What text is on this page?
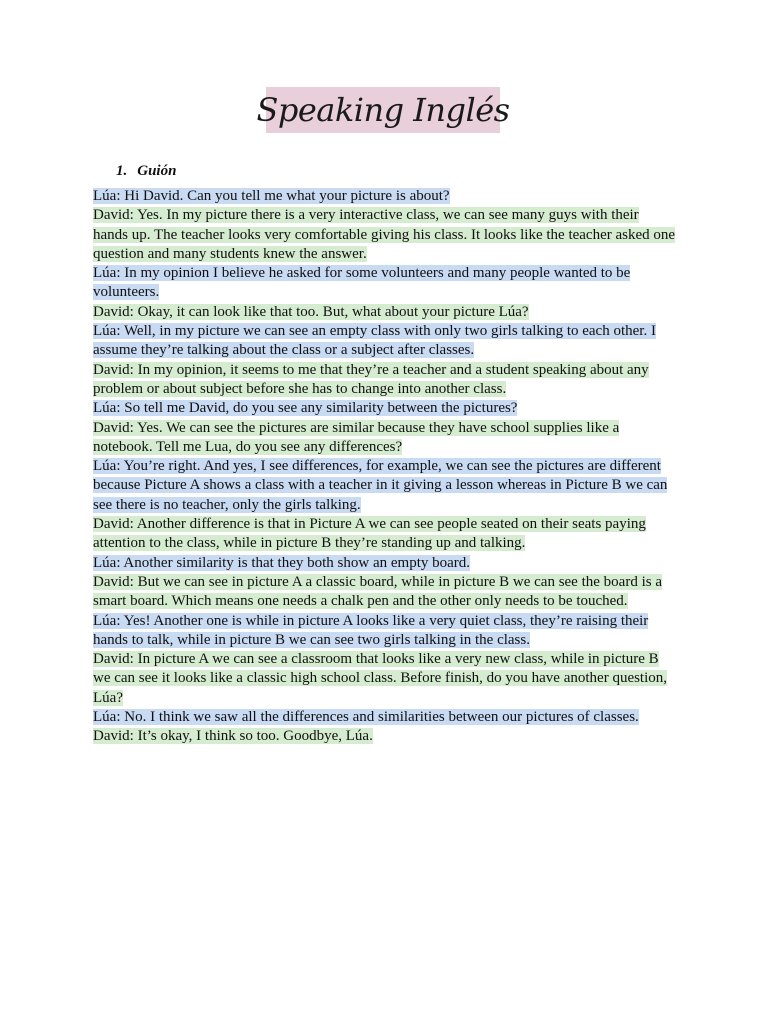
Speaking Inglés
1. Guión

Lúa: Hi David. Can you tell me what your picture is about?

David: Yes. In my picture there is a very interactive class, we can see many guys with their hands up. The teacher looks very comfortable giving his class. It looks like the teacher asked one question and many students knew the answer.

Lúa: In my opinion I believe he asked for some volunteers and many people wanted to be volunteers.

David: Okay, it can look like that too. But, what about your picture Lúa?

Lúa: Well, in my picture we can see an empty class with only two girls talking to each other. I assume they’re talking about the class or a subject after classes.

David: In my opinion, it seems to me that they’re a teacher and a student speaking about any problem or about subject before she has to change into another class.

Lúa: So tell me David, do you see any similarity between the pictures?

David: Yes. We can see the pictures are similar because they have school supplies like a notebook. Tell me Lua, do you see any differences?

Lúa: You’re right. And yes, I see differences, for example, we can see the pictures are different because Picture A shows a class with a teacher in it giving a lesson whereas in Picture B we can see there is no teacher, only the girls talking.

David: Another difference is that in Picture A we can see people seated on their seats paying attention to the class, while in picture B they’re standing up and talking.

Lúa: Another similarity is that they both show an empty board.

David: But we can see in picture A a classic board, while in picture B we can see the board is a smart board. Which means one needs a chalk pen and the other only needs to be touched.

Lúa: Yes! Another one is while in picture A looks like a very quiet class, they’re raising their hands to talk, while in picture B we can see two girls talking in the class.

David: In picture A we can see a classroom that looks like a very new class, while in picture B we can see it looks like a classic high school class. Before finish, do you have another question, Lúa?

Lúa: No. I think we saw all the differences and similarities between our pictures of classes.

David: It’s okay, I think so too. Goodbye, Lúa.
